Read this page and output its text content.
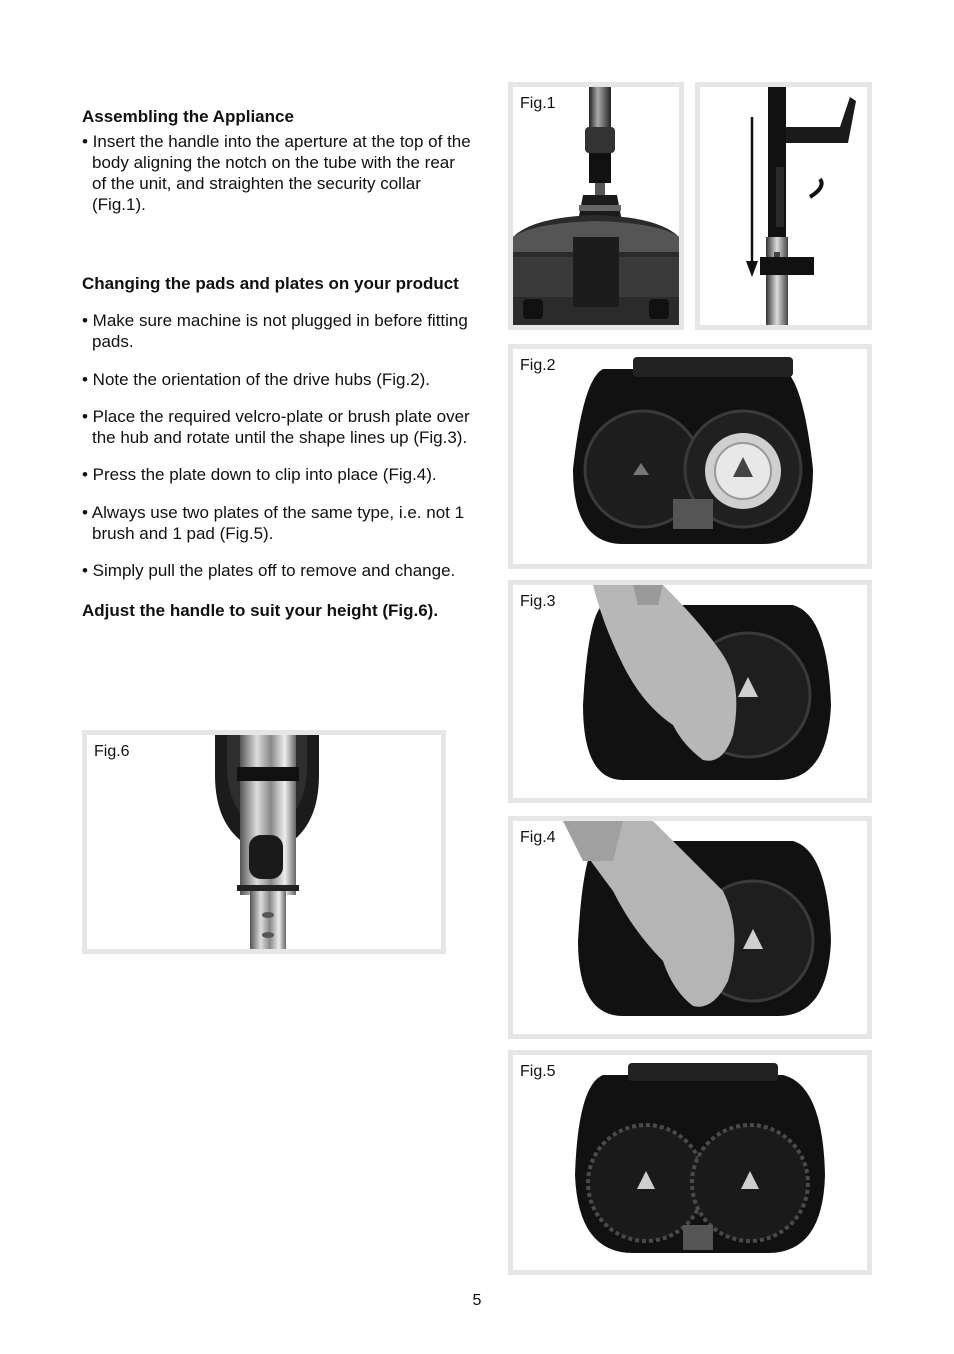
Assembling the Appliance

• Insert the handle into the aperture at the top of the body aligning the notch on the tube with the rear of the unit, and straighten the security collar (Fig.1).

Changing the pads and plates on your product

• Make sure machine is not plugged in before fitting pads.

• Note the orientation of the drive hubs (Fig.2).

• Place the required velcro-plate or brush plate over the hub and rotate until the shape lines up (Fig.3).

• Press the plate down to clip into place (Fig.4).

• Always use two plates of the same type, i.e. not 1 brush and 1 pad (Fig.5).

• Simply pull the plates off to remove and change.

Adjust the handle to suit your height (Fig.6).

Fig.6
Fig.1
Fig.2
Fig.3
Fig.4
Fig.5
5
